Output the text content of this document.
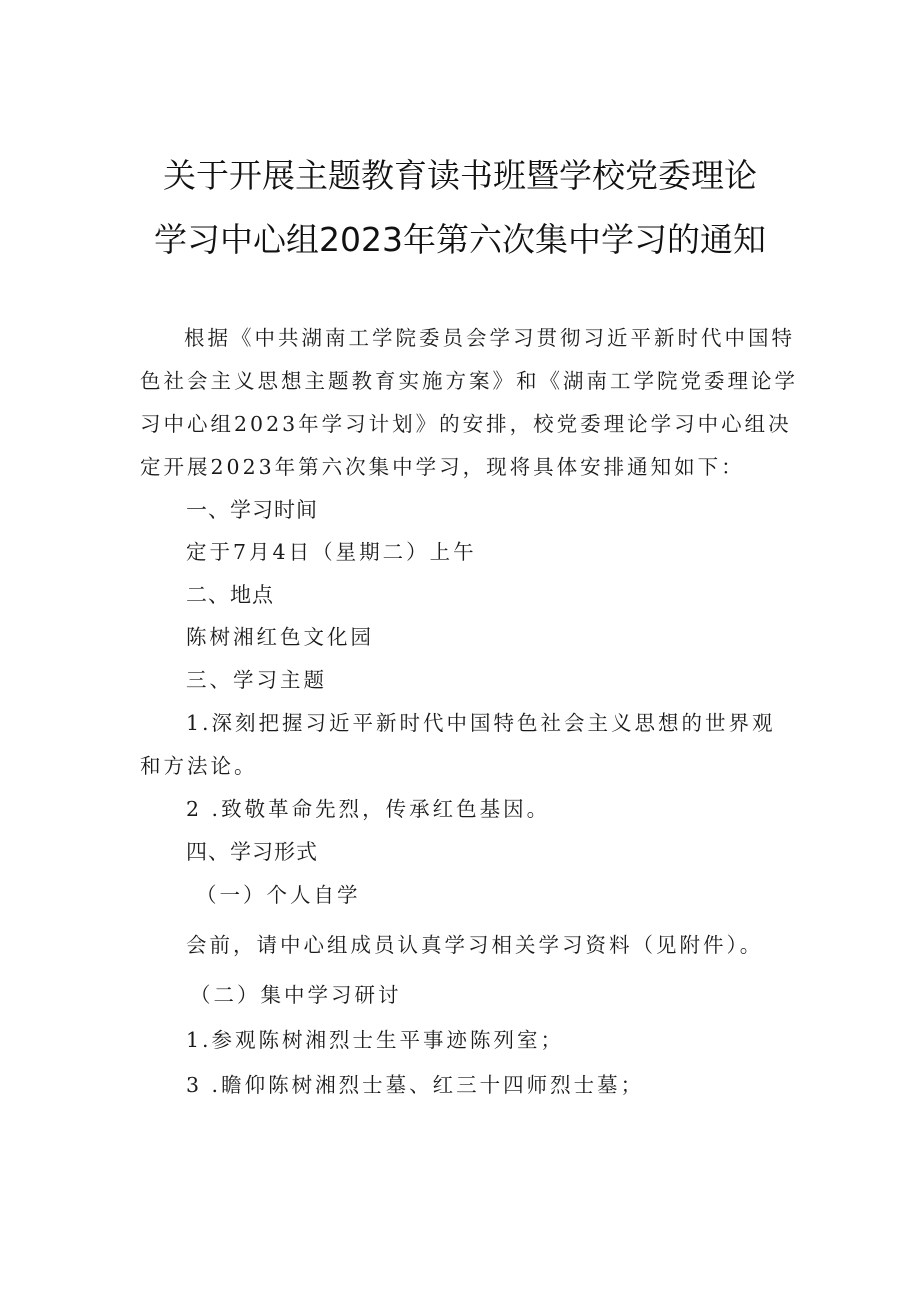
关于开展主题教育读书班暨学校党委理论
学习中心组2023年第六次集中学习的通知
根据《中共湖南工学院委员会学习贯彻习近平新时代中国特
色社会主义思想主题教育实施方案》和《湖南工学院党委理论学
习中心组2023年学习计划》的安排，校党委理论学习中心组决
定开展2023年第六次集中学习，现将具体安排通知如下：
一、学习时间
定于7月4日（星期二）上午
二、地点
陈树湘红色文化园
三、学习主题
1.深刻把握习近平新时代中国特色社会主义思想的世界观
和方法论。
2 .致敬革命先烈，传承红色基因。
四、学习形式
（一）个人自学
会前，请中心组成员认真学习相关学习资料（见附件）。
（二）集中学习研讨
1.参观陈树湘烈士生平事迹陈列室；
3 .瞻仰陈树湘烈士墓、红三十四师烈士墓；
